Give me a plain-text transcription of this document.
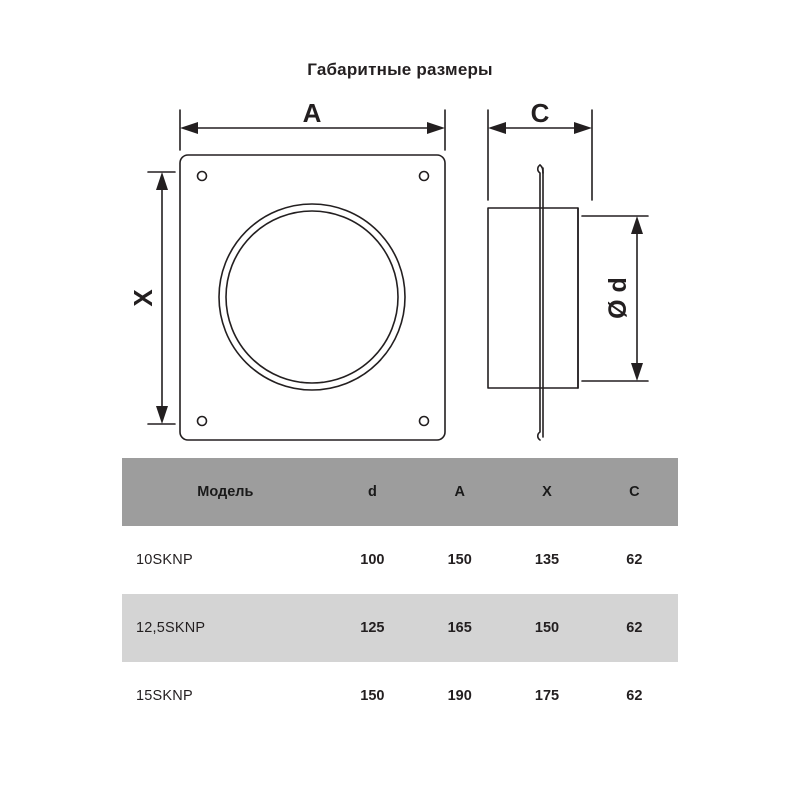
Габаритные размеры
A	C
X	Ø d
Модель	d	A	X	C
10SKNP	100	150	135	62
12,5SKNP	125	165	150	62
15SKNP	150	190	175	62
